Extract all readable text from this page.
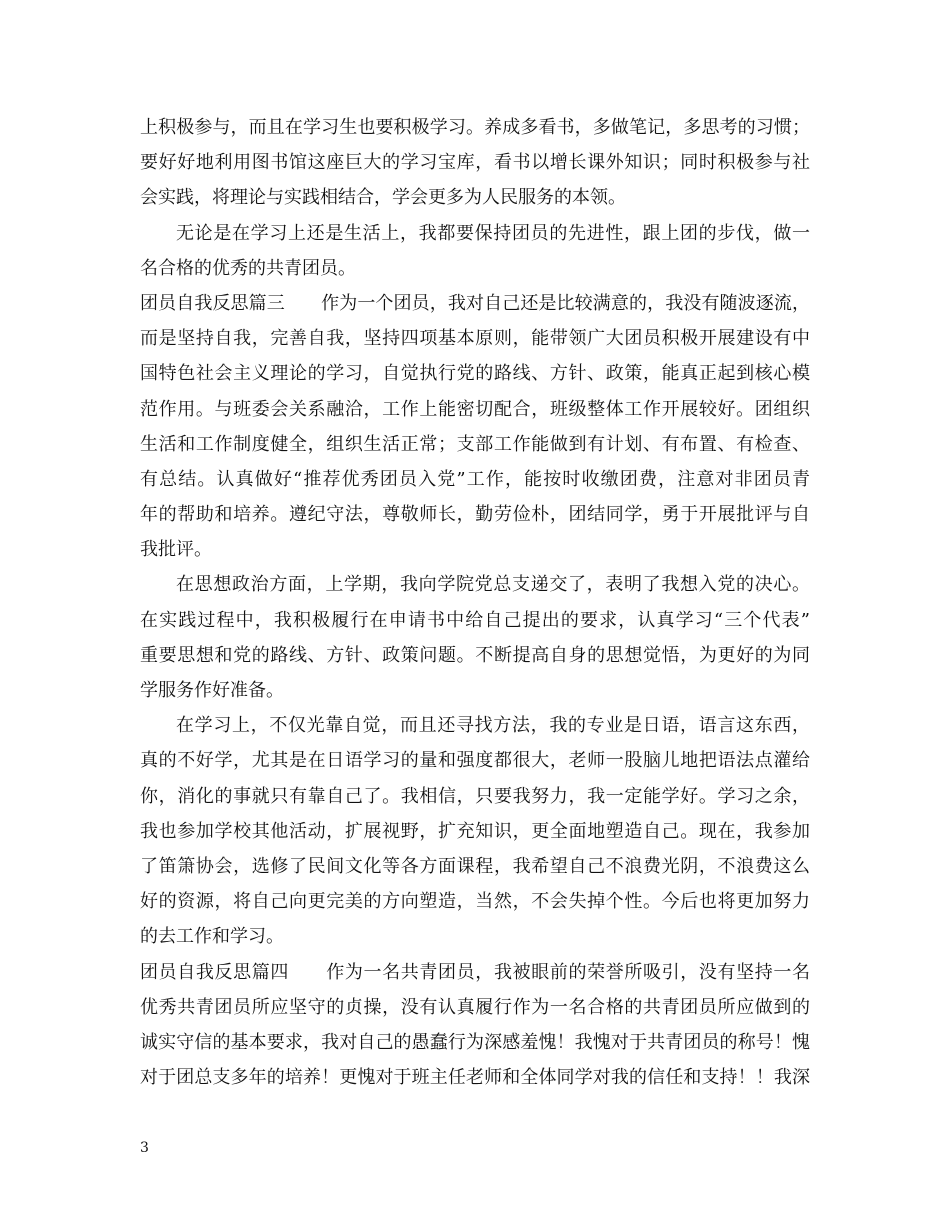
上积极参与，而且在学习生也要积极学习。养成多看书，多做笔记，多思考的习惯；
要好好地利用图书馆这座巨大的学习宝库，看书以增长课外知识；同时积极参与社
会实践，将理论与实践相结合，学会更多为人民服务的本领。
无论是在学习上还是生活上，我都要保持团员的先进性，跟上团的步伐，做一
名合格的优秀的共青团员。
团员自我反思篇三　　作为一个团员，我对自己还是比较满意的，我没有随波逐流，
而是坚持自我，完善自我，坚持四项基本原则，能带领广大团员积极开展建设有中
国特色社会主义理论的学习，自觉执行党的路线、方针、政策，能真正起到核心模
范作用。与班委会关系融洽，工作上能密切配合，班级整体工作开展较好。团组织
生活和工作制度健全，组织生活正常；支部工作能做到有计划、有布置、有检查、
有总结。认真做好“推荐优秀团员入党”工作，能按时收缴团费，注意对非团员青
年的帮助和培养。遵纪守法，尊敬师长，勤劳俭朴，团结同学，勇于开展批评与自
我批评。
在思想政治方面，上学期，我向学院党总支递交了，表明了我想入党的决心。
在实践过程中，我积极履行在申请书中给自己提出的要求，认真学习“三个代表”
重要思想和党的路线、方针、政策问题。不断提高自身的思想觉悟，为更好的为同
学服务作好准备。
在学习上，不仅光靠自觉，而且还寻找方法，我的专业是日语，语言这东西，
真的不好学，尤其是在日语学习的量和强度都很大，老师一股脑儿地把语法点灌给
你，消化的事就只有靠自己了。我相信，只要我努力，我一定能学好。学习之余，
我也参加学校其他活动，扩展视野，扩充知识，更全面地塑造自己。现在，我参加
了笛箫协会，选修了民间文化等各方面课程，我希望自己不浪费光阴，不浪费这么
好的资源，将自己向更完美的方向塑造，当然，不会失掉个性。今后也将更加努力
的去工作和学习。
团员自我反思篇四　　作为一名共青团员，我被眼前的荣誉所吸引，没有坚持一名
优秀共青团员所应坚守的贞操，没有认真履行作为一名合格的共青团员所应做到的
诚实守信的基本要求，我对自己的愚蠢行为深感羞愧！我愧对于共青团员的称号！愧
对于团总支多年的培养！更愧对于班主任老师和全体同学对我的信任和支持！！我深
3
